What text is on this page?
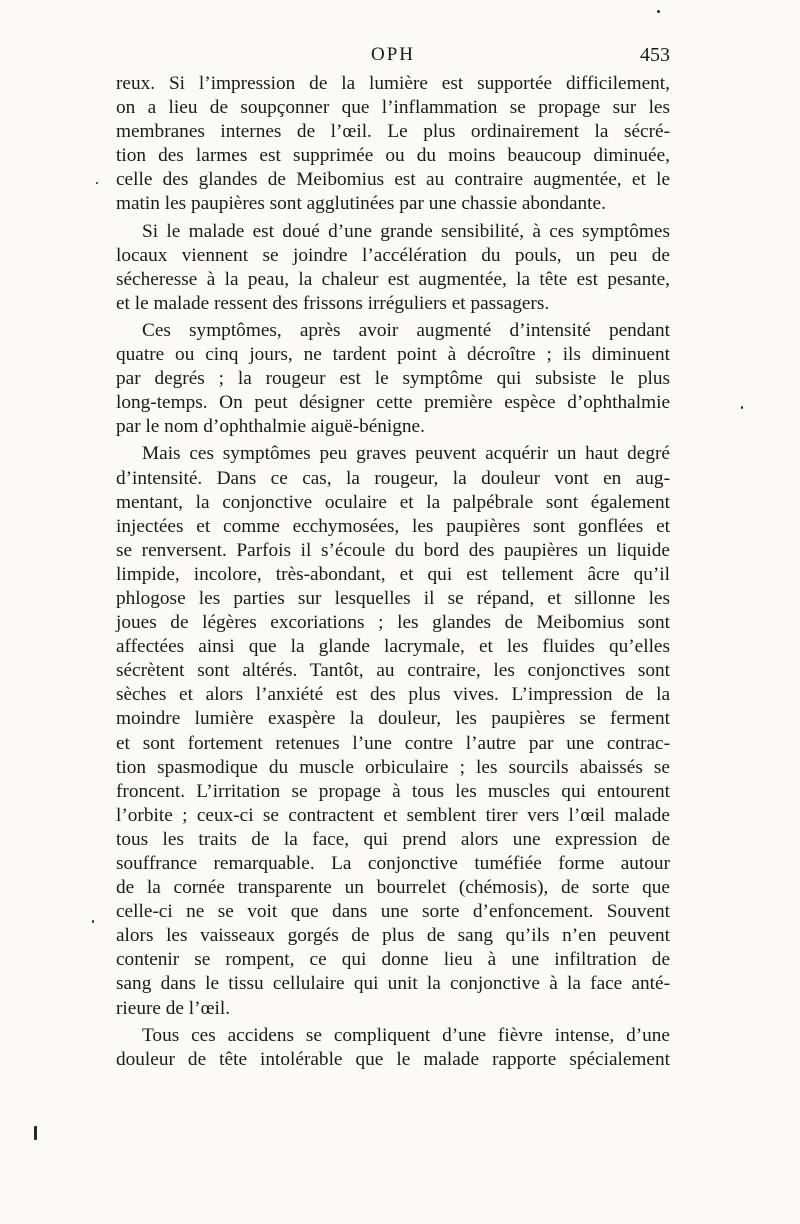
OPH	453
reux. Si l’impression de la lumière est supportée difficilement,
on a lieu de soupçonner que l’inflammation se propage sur les
membranes internes de l’œil. Le plus ordinairement la sécré-
tion des larmes est supprimée ou du moins beaucoup diminuée,
celle des glandes de Meibomius est au contraire augmentée, et le
matin les paupières sont agglutinées par une chassie abondante.
Si le malade est doué d’une grande sensibilité, à ces symptômes
locaux viennent se joindre l’accélération du pouls, un peu de
sécheresse à la peau, la chaleur est augmentée, la tête est pesante,
et le malade ressent des frissons irréguliers et passagers.
Ces symptômes, après avoir augmenté d’intensité pendant
quatre ou cinq jours, ne tardent point à décroître ; ils diminuent
par degrés ; la rougeur est le symptôme qui subsiste le plus
long-temps. On peut désigner cette première espèce d’ophthalmie
par le nom d’ophthalmie aiguë-bénigne.
Mais ces symptômes peu graves peuvent acquérir un haut degré
d’intensité. Dans ce cas, la rougeur, la douleur vont en aug-
mentant, la conjonctive oculaire et la palpébrale sont également
injectées et comme ecchymosées, les paupières sont gonflées et
se renversent. Parfois il s’écoule du bord des paupières un liquide
limpide, incolore, très-abondant, et qui est tellement âcre qu’il
phlogose les parties sur lesquelles il se répand, et sillonne les
joues de légères excoriations ; les glandes de Meibomius sont
affectées ainsi que la glande lacrymale, et les fluides qu’elles
sécrètent sont altérés. Tantôt, au contraire, les conjonctives sont
sèches et alors l’anxiété est des plus vives. L’impression de la
moindre lumière exaspère la douleur, les paupières se ferment
et sont fortement retenues l’une contre l’autre par une contrac-
tion spasmodique du muscle orbiculaire ; les sourcils abaissés se
froncent. L’irritation se propage à tous les muscles qui entourent
l’orbite ; ceux-ci se contractent et semblent tirer vers l’œil malade
tous les traits de la face, qui prend alors une expression de
souffrance remarquable. La conjonctive tuméfiée forme autour
de la cornée transparente un bourrelet (chémosis), de sorte que
celle-ci ne se voit que dans une sorte d’enfoncement. Souvent
alors les vaisseaux gorgés de plus de sang qu’ils n’en peuvent
contenir se rompent, ce qui donne lieu à une infiltration de
sang dans le tissu cellulaire qui unit la conjonctive à la face anté-
rieure de l’œil.
Tous ces accidens se compliquent d’une fièvre intense, d’une
douleur de tête intolérable que le malade rapporte spécialement
